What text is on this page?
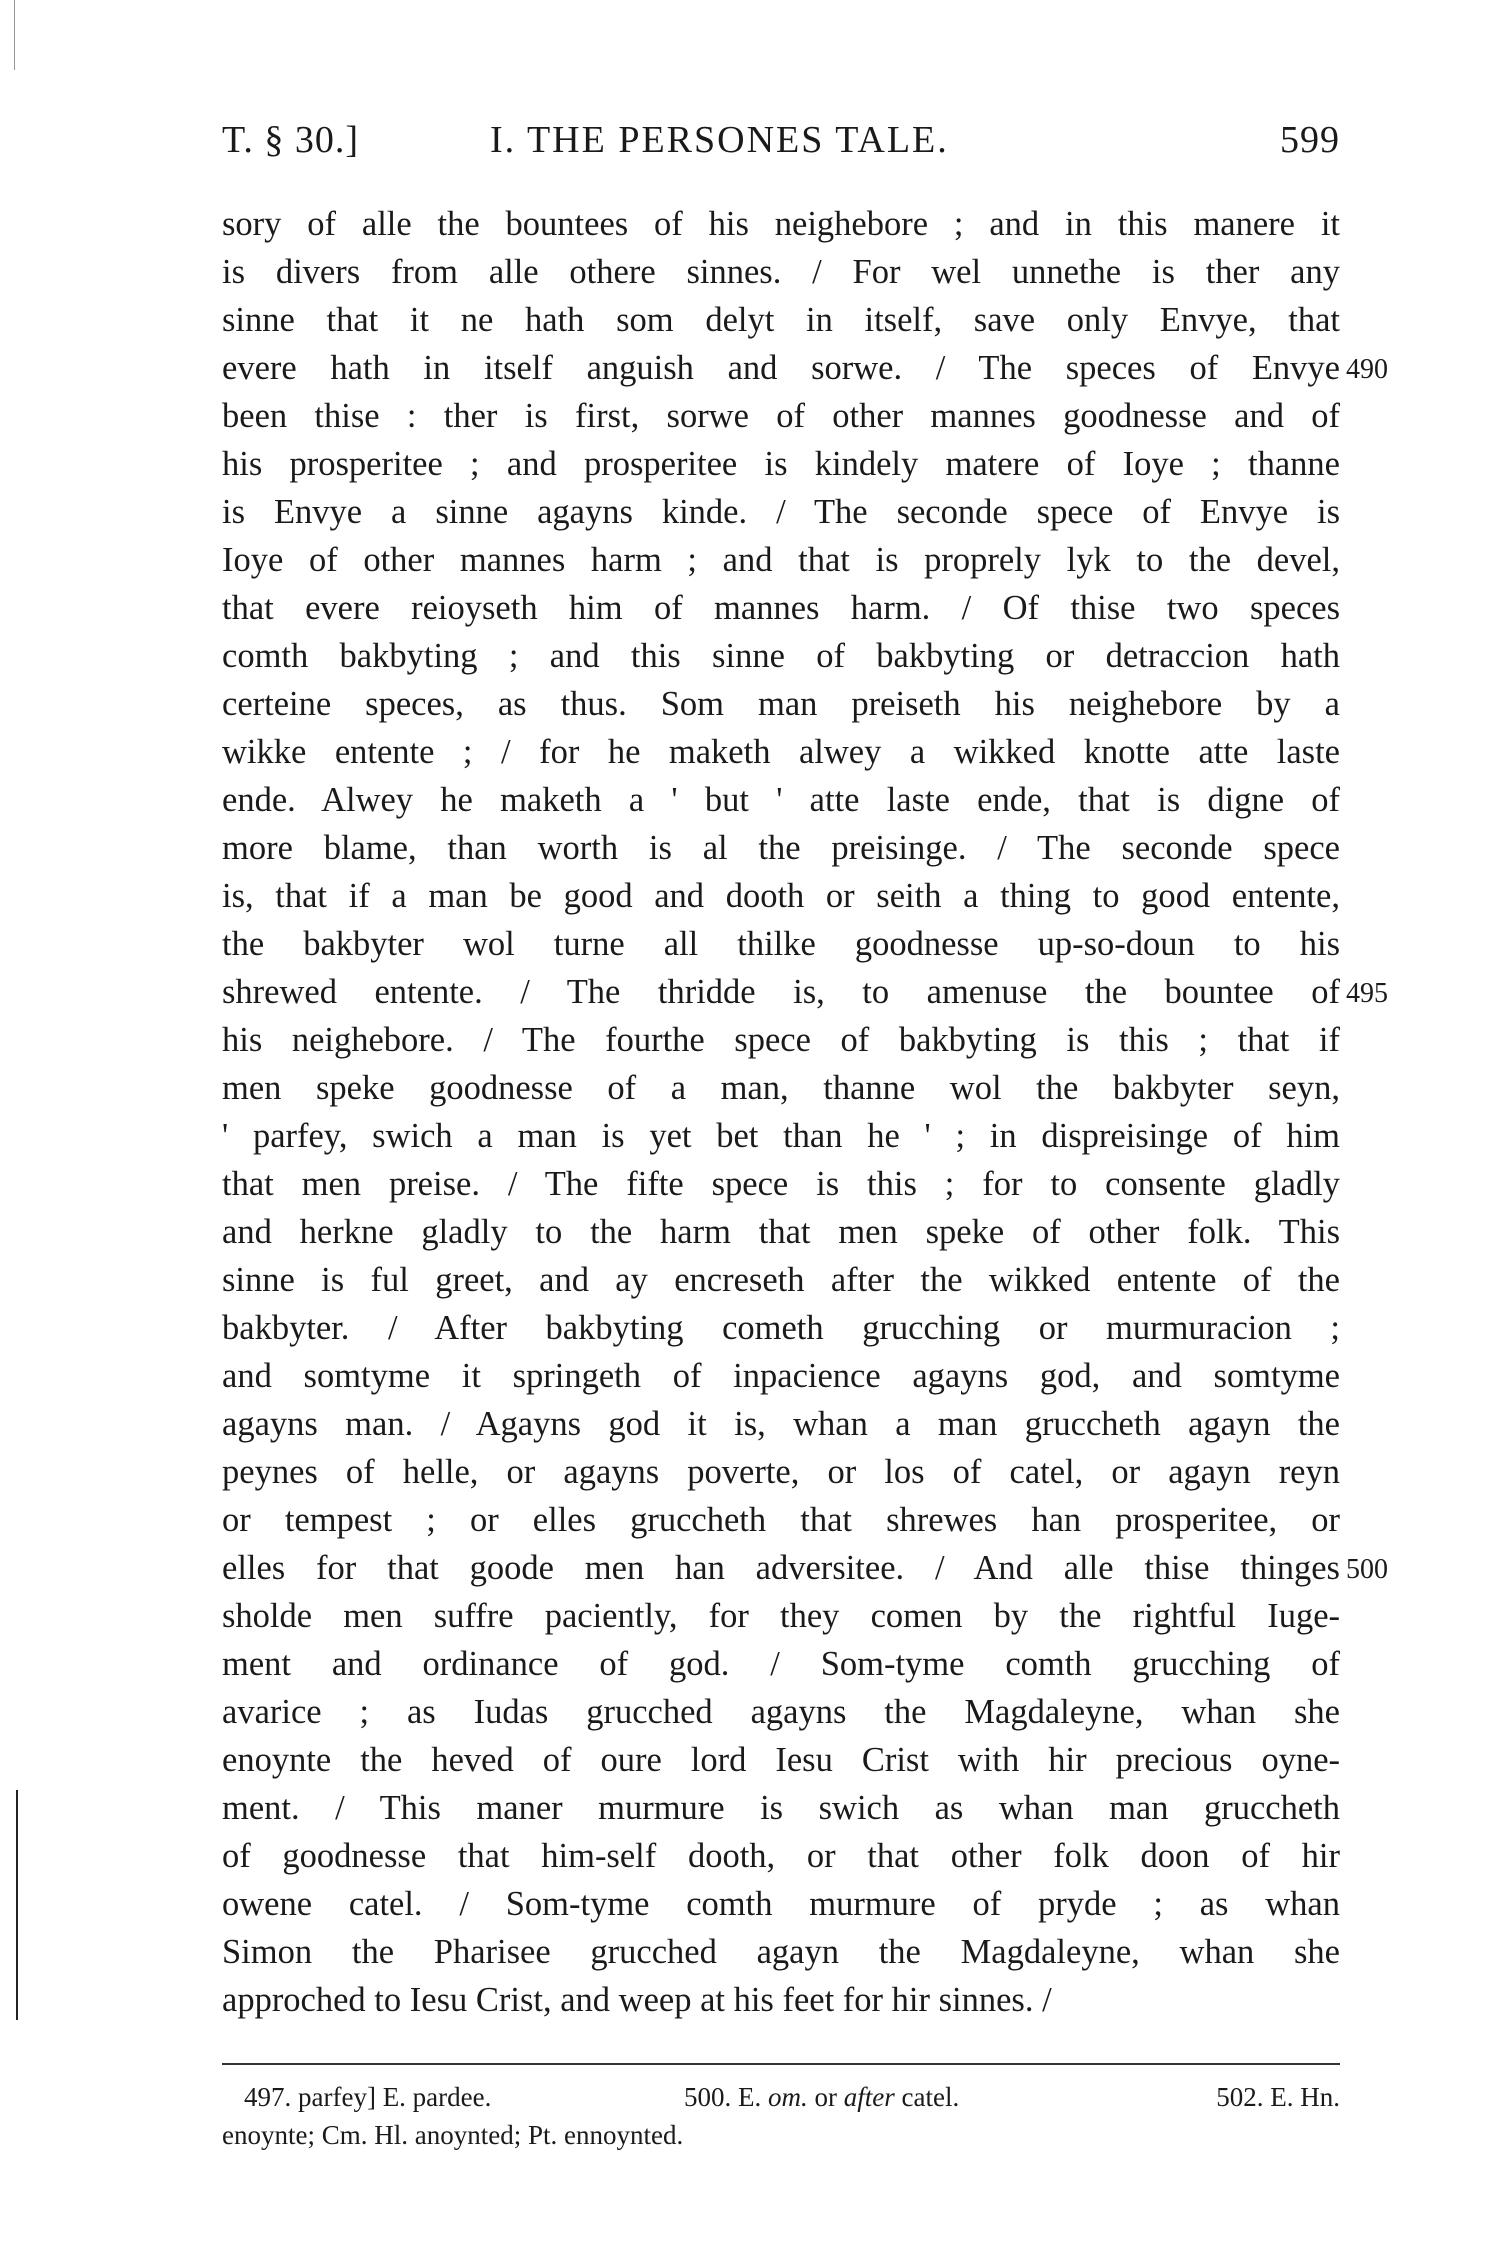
T. § 30.]	I. THE PERSONES TALE.	599
sory of alle the bountees of his neighebore ; and in this manere it
is divers from alle othere sinnes. / For wel unnethe is ther any
sinne that it ne hath som delyt in itself, save only Envye, that
evere hath in itself anguish and sorwe. / The speces of Envye
been thise : ther is first, sorwe of other mannes goodnesse and of
his prosperitee ; and prosperitee is kindely matere of Ioye ; thanne
is Envye a sinne agayns kinde. / The seconde spece of Envye is
Ioye of other mannes harm ; and that is proprely lyk to the devel,
that evere reioyseth him of mannes harm. / Of thise two speces
comth bakbyting ; and this sinne of bakbyting or detraccion hath
certeine speces, as thus. Som man preiseth his neighebore by a
wikke entente ; / for he maketh alwey a wikked knotte atte laste
ende. Alwey he maketh a ' but ' atte laste ende, that is digne of
more blame, than worth is al the preisinge. / The seconde spece
is, that if a man be good and dooth or seith a thing to good entente,
the bakbyter wol turne all thilke goodnesse up-so-doun to his
shrewed entente. / The thridde is, to amenuse the bountee of
his neighebore. / The fourthe spece of bakbyting is this ; that if
men speke goodnesse of a man, thanne wol the bakbyter seyn,
' parfey, swich a man is yet bet than he ' ; in dispreisinge of him
that men preise. / The fifte spece is this ; for to consente gladly
and herkne gladly to the harm that men speke of other folk. This
sinne is ful greet, and ay encreseth after the wikked entente of the
bakbyter. / After bakbyting cometh grucching or murmuracion ;
and somtyme it springeth of inpacience agayns god, and somtyme
agayns man. / Agayns god it is, whan a man gruccheth agayn the
peynes of helle, or agayns poverte, or los of catel, or agayn reyn
or tempest ; or elles gruccheth that shrewes han prosperitee, or
elles for that goode men han adversitee. / And alle thise thinges
sholde men suffre paciently, for they comen by the rightful Iuge-
ment and ordinance of god. / Som-tyme comth grucching of
avarice ; as Iudas grucched agayns the Magdaleyne, whan she
enoynte the heved of oure lord Iesu Crist with hir precious oyne-
ment. / This maner murmure is swich as whan man gruccheth
of goodnesse that him-self dooth, or that other folk doon of hir
owene catel. / Som-tyme comth murmure of pryde ; as whan
Simon the Pharisee grucched agayn the Magdaleyne, whan she
approched to Iesu Crist, and weep at his feet for hir sinnes. /
490
495
500
497. parfey] E. pardee.	500. E. om. or after catel.	502. E. Hn.
enoynte; Cm. Hl. anoynted; Pt. ennoynted.
